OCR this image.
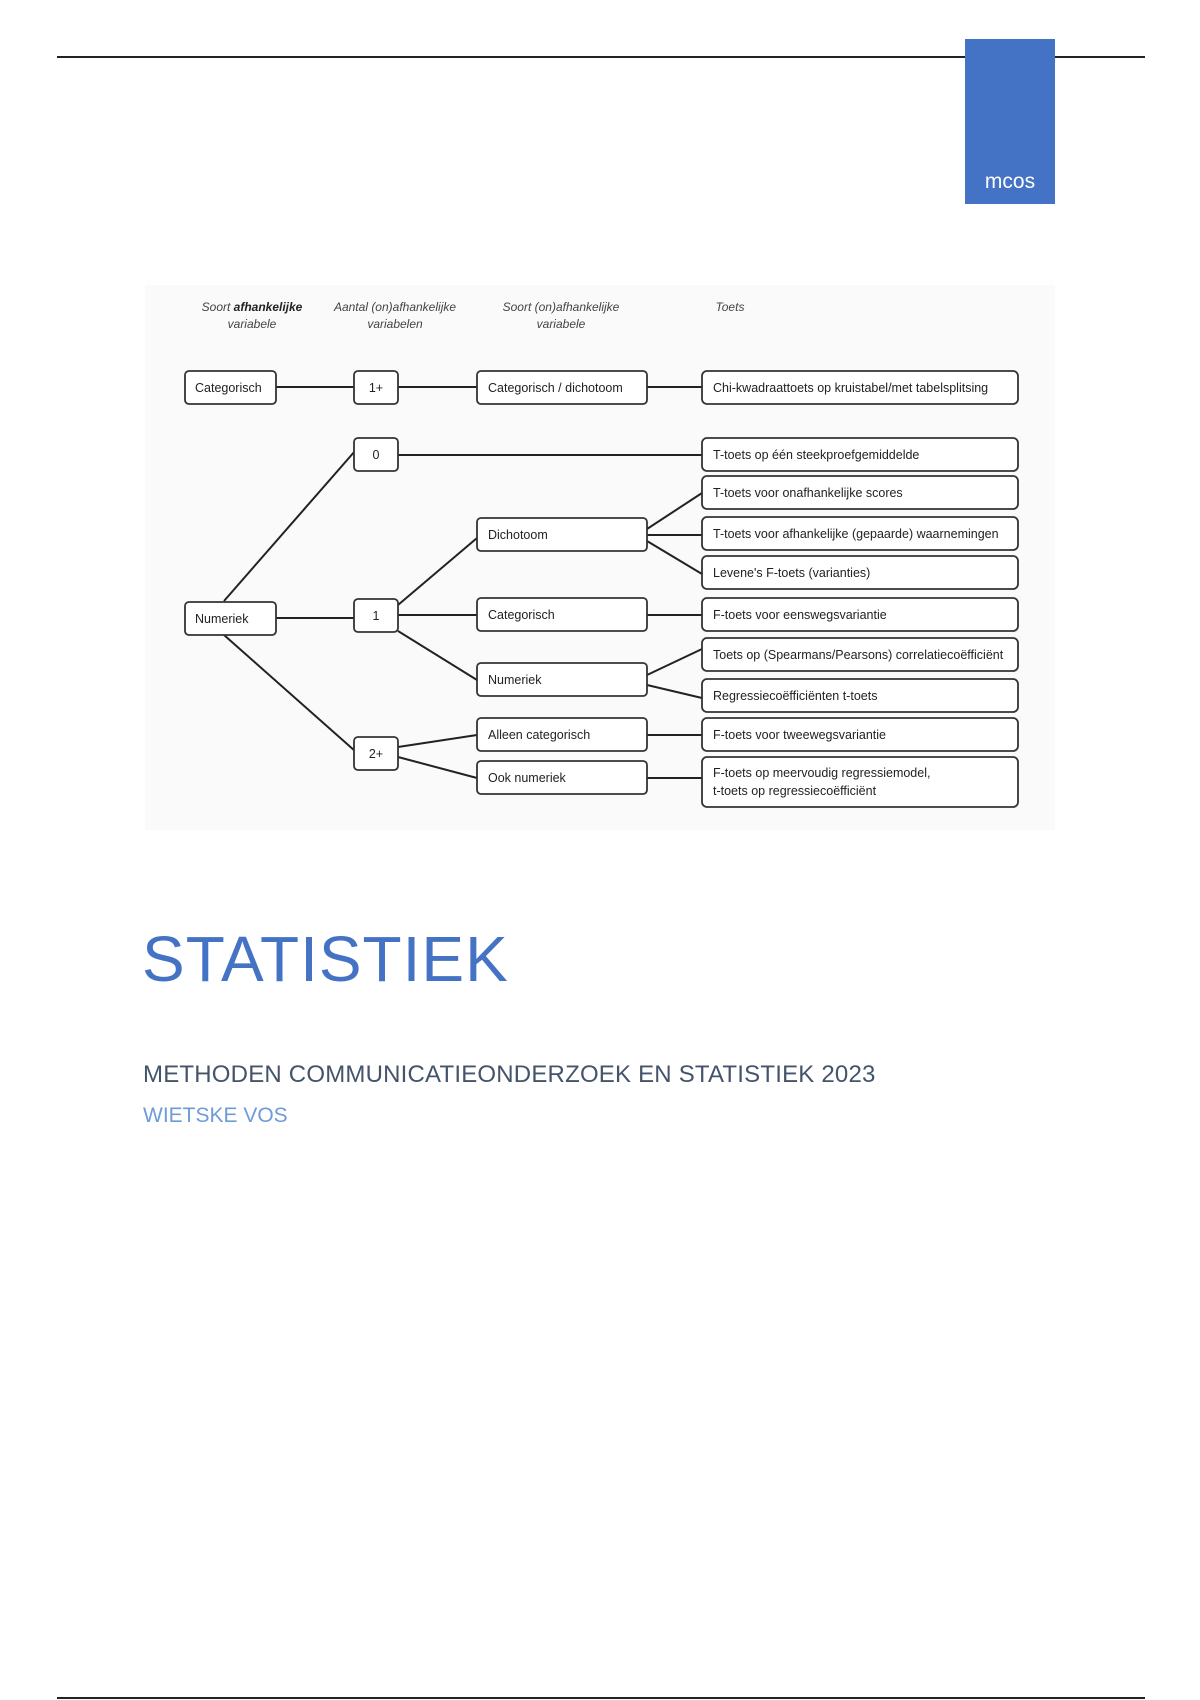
mcos
Soort afhankelijke
variabele
Aantal (on)afhankelijke
variabelen
Soort (on)afhankelijke
variabele
Toets
Categorisch
Numeriek
1+
0
1
2+
Categorisch / dichotoom
Dichotoom
Categorisch
Numeriek
Alleen categorisch
Ook numeriek
Chi-kwadraattoets op kruistabel/met tabelsplitsing
T-toets op één steekproefgemiddelde
T-toets voor onafhankelijke scores
T-toets voor afhankelijke (gepaarde) waarnemingen
Levene's F-toets (varianties)
F-toets voor eenswegsvariantie
Toets op (Spearmans/Pearsons) correlatiecoëfficiënt
Regressiecoëfficiënten t-toets
F-toets voor tweewegsvariantie
F-toets op meervoudig regressiemodel,
t-toets op regressiecoëfficiënt
STATISTIEK
METHODEN COMMUNICATIEONDERZOEK EN STATISTIEK 2023
WIETSKE VOS
